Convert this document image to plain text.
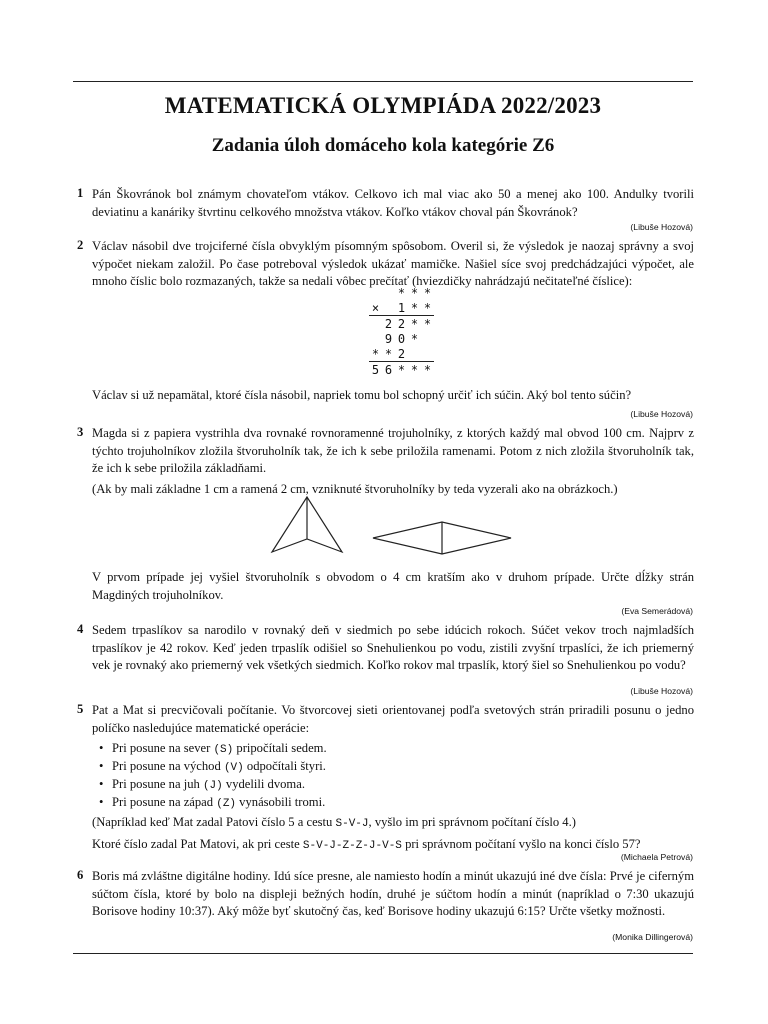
MATEMATICKÁ OLYMPIÁDA 2022/2023
Zadania úloh domáceho kola kategórie Z6
1 Pán Škovránok bol známym chovateľom vtákov. Celkovo ich mal viac ako 50 a menej ako 100. Andulky tvorili deviatinu a kanáriky štvrtinu celkového množstva vtákov. Koľko vtákov choval pán Škovránok?

(Libuše Hozová)
2 Václav násobil dve trojciferné čísla obvyklým písomným spôsobom. Overil si, že výsledok je naozaj správny a svoj výpočet niekam založil. Po čase potreboval výsledok ukázať mamičke. Našiel síce svoj predchádzajúci výpočet, ale mnoho číslic bolo rozmazaných, takže sa nedali vôbec prečítať (hviezdičky nahrádzajú nečitateľné číslice):

			*	*	*
	×		1	*	*
		2	2	*	*
		9	0	*	
	*	*	2		
	5	6	*	*	*

Václav si už nepamätal, ktoré čísla násobil, napriek tomu bol schopný určiť ich súčin. Aký bol tento súčin?

(Libuše Hozová)
3 Magda si z papiera vystrihla dva rovnaké rovnoramenné trojuholníky, z ktorých každý mal obvod 100 cm. Najprv z týchto trojuholníkov zložila štvoruholník tak, že ich k sebe priložila ramenami. Potom z nich zložila štvoruholník tak, že ich k sebe priložila základňami.

(Ak by mali základne 1 cm a ramená 2 cm, vzniknuté štvoruholníky by teda vyzerali ako na obrázkoch.)

V prvom prípade jej vyšiel štvoruholník s obvodom o 4 cm kratším ako v druhom prípade. Určte dĺžky strán Magdiných trojuholníkov.

(Eva Semerádová)
4 Sedem trpaslíkov sa narodilo v rovnaký deň v siedmich po sebe idúcich rokoch. Súčet vekov troch najmladších trpaslíkov je 42 rokov. Keď jeden trpaslík odišiel so Snehulienkou po vodu, zistili zvyšní trpaslíci, že ich priemerný vek je rovnaký ako priemerný vek všetkých siedmich. Koľko rokov mal trpaslík, ktorý šiel so Snehulienkou po vodu?

(Libuše Hozová)
5 Pat a Mat si precvičovali počítanie. Vo štvorcovej sieti orientovanej podľa svetových strán priradili posunu o jedno políčko nasledujúce matematické operácie:

• Pri posune na sever (S) pripočítali sedem.
• Pri posune na východ (V) odpočítali štyri.
• Pri posune na juh (J) vydelili dvoma.
• Pri posune na západ (Z) vynásobili tromi.

(Napríklad keď Mat zadal Patovi číslo 5 a cestu S-V-J, vyšlo im pri správnom počítaní číslo 4.)

Ktoré číslo zadal Pat Matovi, ak pri ceste S-V-J-Z-Z-J-V-S pri správnom počítaní vyšlo na konci číslo 57?

(Michaela Petrová)
6 Boris má zvláštne digitálne hodiny. Idú síce presne, ale namiesto hodín a minút ukazujú iné dve čísla: Prvé je ciferným súčtom čísla, ktoré by bolo na displeji bežných hodín, druhé je súčtom hodín a minút (napríklad o 7:30 ukazujú Borisove hodiny 10:37). Aký môže byť skutočný čas, keď Borisove hodiny ukazujú 6:15? Určte všetky možnosti.

(Monika Dillingerová)
